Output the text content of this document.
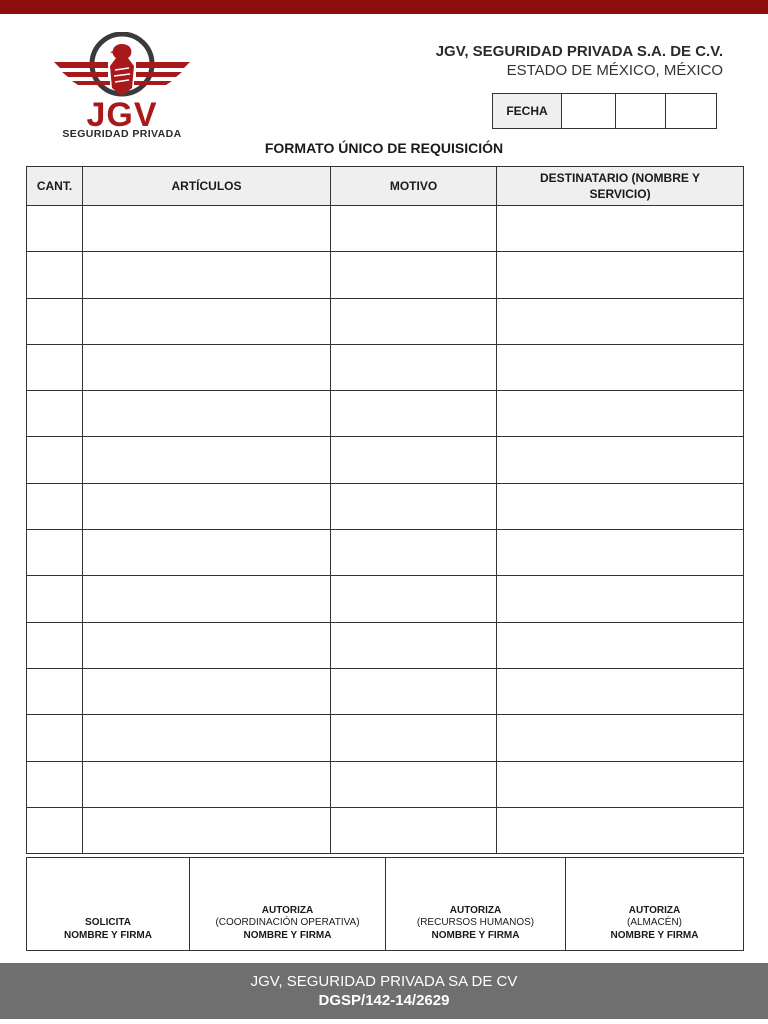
JGV
SEGURIDAD PRIVADA
JGV, SEGURIDAD PRIVADA S.A. DE C.V.
ESTADO DE MÉXICO, MÉXICO
FECHA
FORMATO ÚNICO DE REQUISICIÓN
CANT.	ARTÍCULOS	MOTIVO	DESTINATARIO (NOMBRE Y SERVICIO)

SOLICITA
NOMBRE Y FIRMA
AUTORIZA
(COORDINACIÓN OPERATIVA)
NOMBRE Y FIRMA
AUTORIZA
(RECURSOS HUMANOS)
NOMBRE Y FIRMA
AUTORIZA
(ALMACÉN)
NOMBRE Y FIRMA
JGV, SEGURIDAD PRIVADA SA DE CV
DGSP/142-14/2629
